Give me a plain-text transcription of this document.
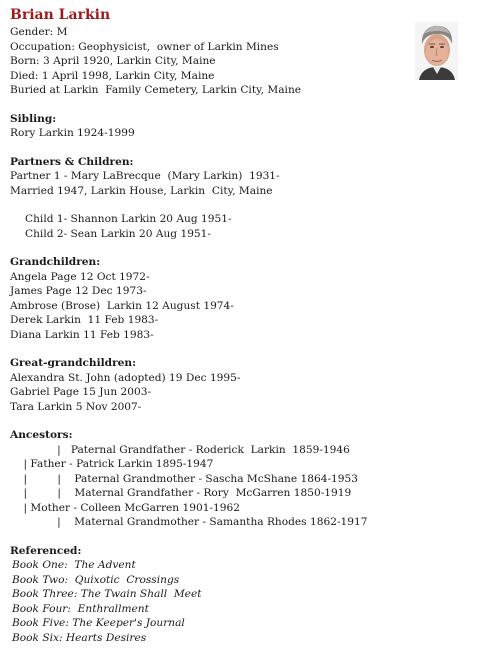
Brian Larkin
Gender: M
Occupation: Geophysicist,  owner of Larkin Mines
Born: 3 April 1920, Larkin City, Maine
Died: 1 April 1998, Larkin City, Maine
Buried at Larkin  Family Cemetery, Larkin City, Maine
Sibling:
Rory Larkin 1924-1999
Partners & Children:
Partner 1 - Mary LaBrecque  (Mary Larkin)  1931-
Married 1947, Larkin House, Larkin  City, Maine
Child 1- Shannon Larkin 20 Aug 1951-
Child 2- Sean Larkin 20 Aug 1951-
Grandchildren:
Angela Page 12 Oct 1972-
James Page 12 Dec 1973-
Ambrose (Brose)  Larkin 12 August 1974-
Derek Larkin  11 Feb 1983-
Diana Larkin 11 Feb 1983-
Great-grandchildren:
Alexandra St. John (adopted) 19 Dec 1995-
Gabriel Page 15 Jun 2003-
Tara Larkin 5 Nov 2007-
Ancestors:
|   Paternal Grandfather - Roderick  Larkin  1859-1946
| Father - Patrick Larkin 1895-1947
|         |    Paternal Grandmother - Sascha McShane 1864-1953
|         |    Maternal Grandfather - Rory  McGarren 1850-1919
| Mother - Colleen McGarren 1901-1962
|    Maternal Grandmother - Samantha Rhodes 1862-1917
Referenced:
Book One:  The Advent
Book Two:  Quixotic  Crossings
Book Three: The Twain Shall  Meet
Book Four:  Enthrallment
Book Five: The Keeper's Journal
Book Six: Hearts Desires
